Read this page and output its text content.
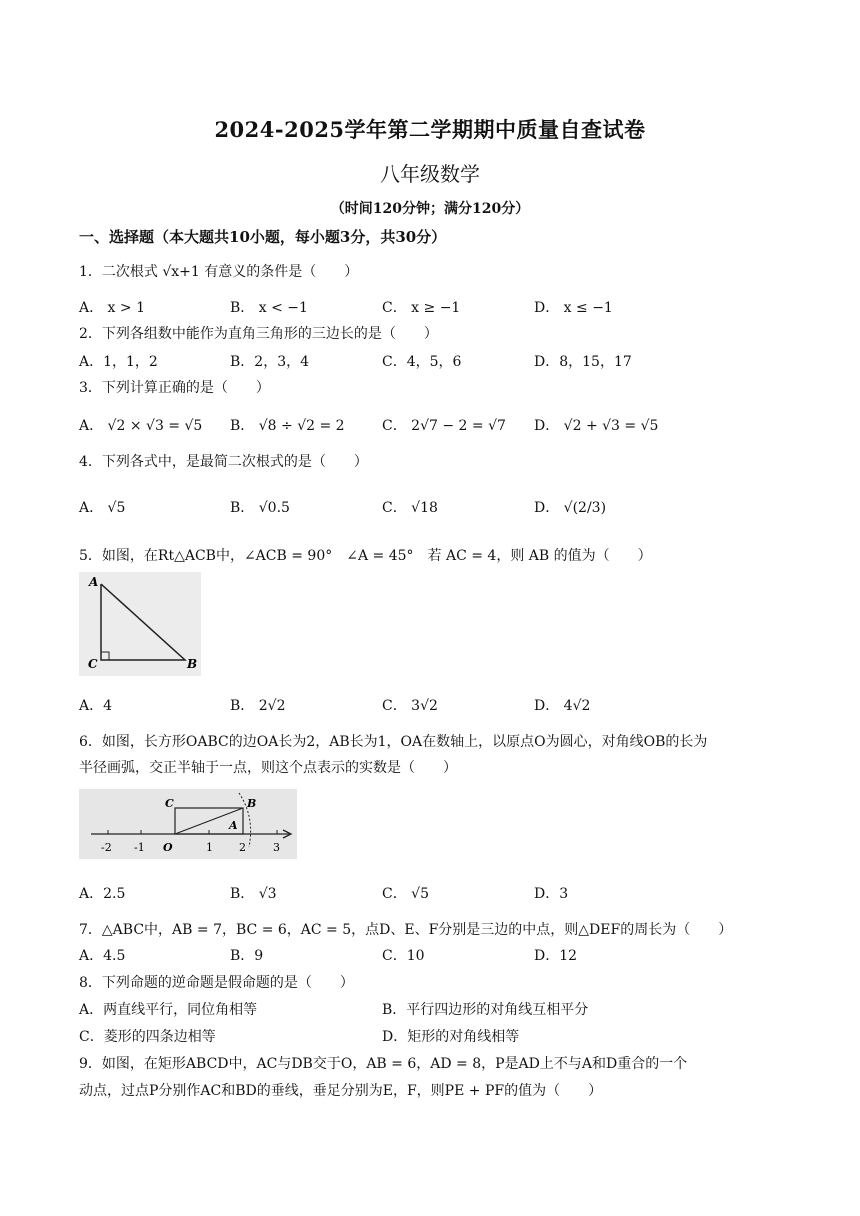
2024-2025学年第二学期期中质量自查试卷
八年级数学
（时间120分钟；满分120分）
一、选择题（本大题共10小题，每小题3分，共30分）
1．二次根式 √x+1 有意义的条件是（　　）
A． x > 1	B． x < −1	C． x ≥ −1	D． x ≤ −1
2．下列各组数中能作为直角三角形的三边长的是（　　）
A．1，1，2	B．2，3，4	C．4，5，6	D．8，15，17
3．下列计算正确的是（　　）
A． √2 × √3 = √5 B． √8 ÷ √2 = 2	C． 2√7 − 2 = √7 D． √2 + √3 = √5
4．下列各式中，是最简二次根式的是（　　）
A． √5	B． √0.5	C． √18	D． √(2/3)
5．如图，在Rt△ACB中，∠ACB = 90°　∠A = 45°　若 AC = 4，则 AB 的值为（　　）
A
C	B
A．4	B． 2√2	C． 3√2	D． 4√2
6．如图，长方形OABC的边OA长为2，AB长为1，OA在数轴上，以原点O为圆心，对角线OB的长为
半径画弧，交正半轴于一点，则这个点表示的实数是（　　）
C	B
A
-2 -1 O	1 2 3
A．2.5	B． √3	C． √5	D．3
7．△ABC中，AB = 7，BC = 6，AC = 5，点D、E、F分别是三边的中点，则△DEF的周长为（　　）
A．4.5	B．9	C．10	D．12
8．下列命题的逆命题是假命题的是（　　）
A．两直线平行，同位角相等	B．平行四边形的对角线互相平分
C．菱形的四条边相等	D．矩形的对角线相等
9．如图，在矩形ABCD中，AC与DB交于O，AB = 6，AD = 8，P是AD上不与A和D重合的一个
动点，过点P分别作AC和BD的垂线，垂足分别为E，F，则PE + PF的值为（　　）
